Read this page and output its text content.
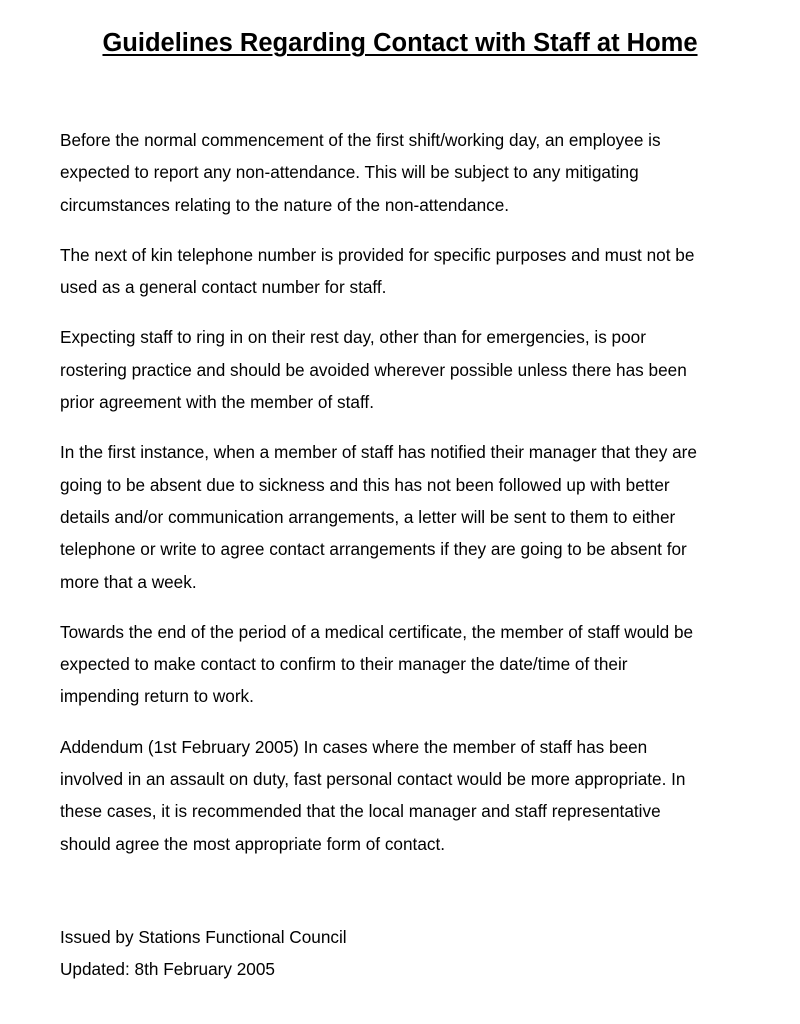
Guidelines Regarding Contact with Staff at Home

Before the normal commencement of the first shift/working day, an employee is
expected to report any non-attendance. This will be subject to any mitigating
circumstances relating to the nature of the non-attendance.

The next of kin telephone number is provided for specific purposes and must not be
used as a general contact number for staff.

Expecting staff to ring in on their rest day, other than for emergencies, is poor
rostering practice and should be avoided wherever possible unless there has been
prior agreement with the member of staff.

In the first instance, when a member of staff has notified their manager that they are
going to be absent due to sickness and this has not been followed up with better
details and/or communication arrangements, a letter will be sent to them to either
telephone or write to agree contact arrangements if they are going to be absent for
more that a week.

Towards the end of the period of a medical certificate, the member of staff would be
expected to make contact to confirm to their manager the date/time of their
impending return to work.

Addendum (1st February 2005) In cases where the member of staff has been
involved in an assault on duty, fast personal contact would be more appropriate. In
these cases, it is recommended that the local manager and staff representative
should agree the most appropriate form of contact.

Issued by Stations Functional Council
Updated: 8th February 2005
